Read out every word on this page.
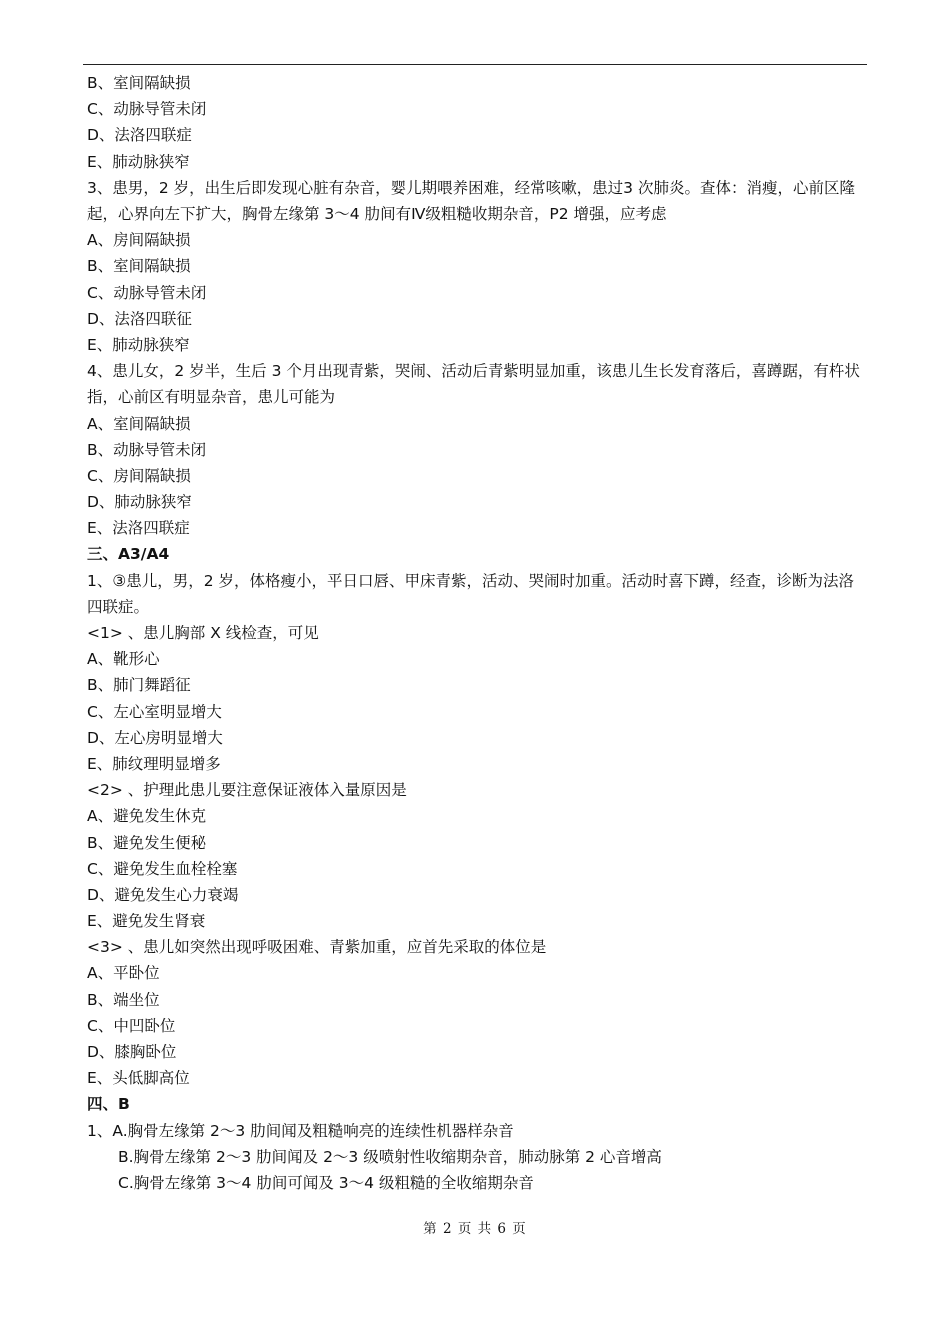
B、室间隔缺损
C、动脉导管未闭
D、法洛四联症
E、肺动脉狭窄
3、患男，2 岁，出生后即发现心脏有杂音，婴儿期喂养困难，经常咳嗽，患过3 次肺炎。查体：消瘦，心前区隆起，心界向左下扩大，胸骨左缘第 3～4 肋间有Ⅳ级粗糙收期杂音，P2 增强，应考虑
A、房间隔缺损
B、室间隔缺损
C、动脉导管未闭
D、法洛四联征
E、肺动脉狭窄
4、患儿女，2 岁半，生后 3 个月出现青紫，哭闹、活动后青紫明显加重，该患儿生长发育落后，喜蹲踞，有杵状指，心前区有明显杂音，患儿可能为
A、室间隔缺损
B、动脉导管未闭
C、房间隔缺损
D、肺动脉狭窄
E、法洛四联症
三、A3/A4
1、③患儿，男，2 岁，体格瘦小，平日口唇、甲床青紫，活动、哭闹时加重。活动时喜下蹲，经查，诊断为法洛四联症。
<1> 、患儿胸部 X 线检查，可见
A、靴形心
B、肺门舞蹈征
C、左心室明显增大
D、左心房明显增大
E、肺纹理明显增多
<2> 、护理此患儿要注意保证液体入量原因是
A、避免发生休克
B、避免发生便秘
C、避免发生血栓栓塞
D、避免发生心力衰竭
E、避免发生肾衰
<3> 、患儿如突然出现呼吸困难、青紫加重，应首先采取的体位是
A、平卧位
B、端坐位
C、中凹卧位
D、膝胸卧位
E、头低脚高位
四、B
1、A.胸骨左缘第 2～3 肋间闻及粗糙响亮的连续性机器样杂音
B.胸骨左缘第 2～3 肋间闻及 2～3 级喷射性收缩期杂音，肺动脉第 2 心音增高
C.胸骨左缘第 3～4 肋间可闻及 3～4 级粗糙的全收缩期杂音
第 2 页 共 6 页
